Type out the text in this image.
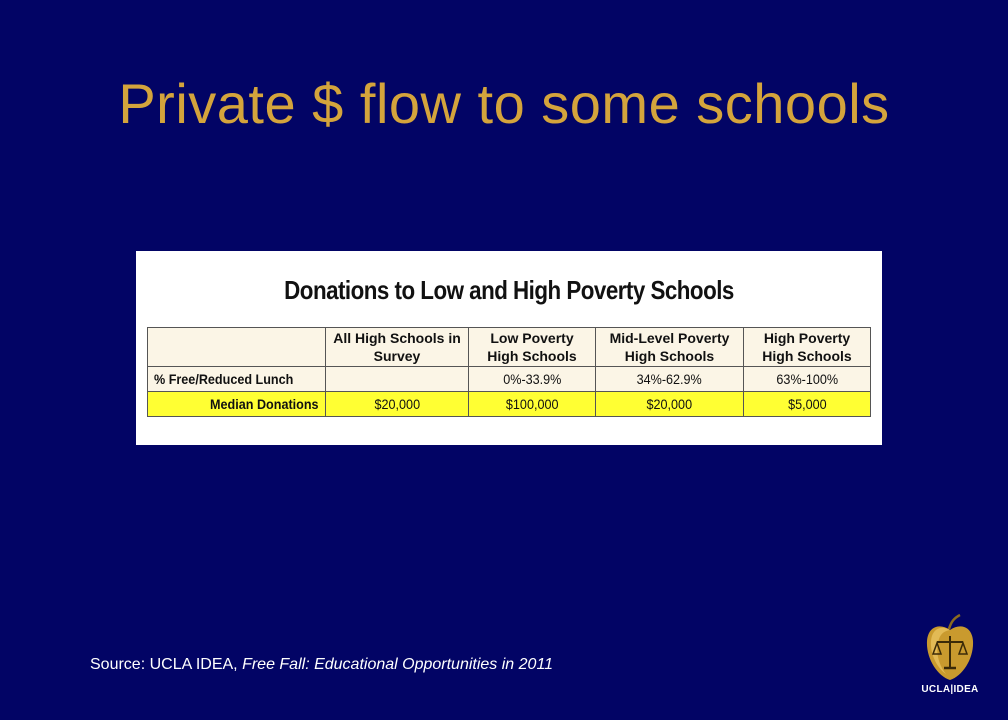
Private $ flow to some schools
Donations to Low and High Poverty Schools
	All High Schools in Survey	Low Poverty High Schools	Mid-Level Poverty High Schools	High Poverty High Schools
% Free/Reduced Lunch		0%-33.9%	34%-62.9%	63%-100%
Median Donations	$20,000	$100,000	$20,000	$5,000
Source: UCLA IDEA, Free Fall: Educational Opportunities in 2011
UCLA|IDEA
